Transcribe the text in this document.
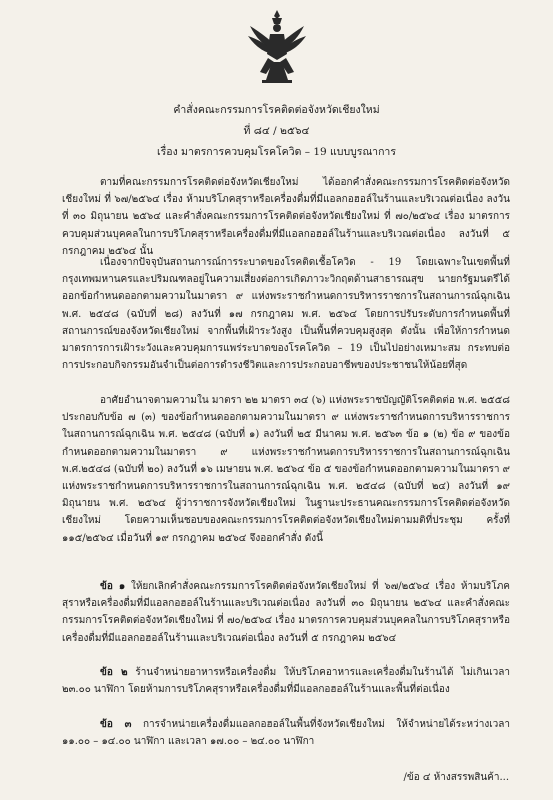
คำสั่งคณะกรรมการโรคติดต่อจังหวัดเชียงใหม่
ที่ ๘๔ / ๒๕๖๔
เรื่อง มาตรการควบคุมโรคโควิด – 19 แบบบูรณาการ

ตามที่คณะกรรมการโรคติดต่อจังหวัดเชียงใหม่ ได้ออกคำสั่งคณะกรรมการโรคติดต่อจังหวัดเชียงใหม่ ที่ ๖๗/๒๕๖๔ เรื่อง ห้ามบริโภคสุราหรือเครื่องดื่มที่มีแอลกอฮอล์ในร้านและบริเวณต่อเนื่อง ลงวันที่ ๓๐ มิถุนายน ๒๕๖๔ และคำสั่งคณะกรรมการโรคติดต่อจังหวัดเชียงใหม่ ที่ ๗๐/๒๕๖๔ เรื่อง มาตรการควบคุมส่วนบุคคลในการบริโภคสุราหรือเครื่องดื่มที่มีแอลกอฮอล์ในร้านและบริเวณต่อเนื่อง ลงวันที่ ๕ กรกฎาคม ๒๕๖๔ นั้น

เนื่องจากปัจจุบันสถานการณ์การระบาดของโรคติดเชื้อโควิด - 19 โดยเฉพาะในเขตพื้นที่กรุงเทพมหานครและปริมณฑลอยู่ในความเสี่ยงต่อการเกิดภาวะวิกฤตด้านสาธารณสุข นายกรัฐมนตรีได้ออกข้อกำหนดออกตามความในมาตรา ๙ แห่งพระราชกำหนดการบริหารราชการในสถานการณ์ฉุกเฉิน พ.ศ. ๒๕๔๘ (ฉบับที่ ๒๘) ลงวันที่ ๑๗ กรกฎาคม พ.ศ. ๒๕๖๔ โดยการปรับระดับการกำหนดพื้นที่สถานการณ์ของจังหวัดเชียงใหม่ จากพื้นที่เฝ้าระวังสูง เป็นพื้นที่ควบคุมสูงสุด ดังนั้น เพื่อให้การกำหนดมาตรการการเฝ้าระวังและควบคุมการแพร่ระบาดของโรคโควิด – 19 เป็นไปอย่างเหมาะสม กระทบต่อการประกอบกิจกรรมอันจำเป็นต่อการดำรงชีวิตและการประกอบอาชีพของประชาชนให้น้อยที่สุด

อาศัยอำนาจตามความใน มาตรา ๒๒ มาตรา ๓๔ (๖) แห่งพระราชบัญญัติโรคติดต่อ พ.ศ. ๒๕๕๘ ประกอบกับข้อ ๗ (๓) ของข้อกำหนดออกตามความในมาตรา ๙ แห่งพระราชกำหนดการบริหารราชการในสถานการณ์ฉุกเฉิน พ.ศ. ๒๕๔๘ (ฉบับที่ ๑) ลงวันที่ ๒๕ มีนาคม พ.ศ. ๒๕๖๓ ข้อ ๑ (๒) ข้อ ๙ ของข้อกำหนดออกตามความในมาตรา ๙ แห่งพระราชกำหนดการบริหารราชการในสถานการณ์ฉุกเฉิน พ.ศ.๒๕๔๘ (ฉบับที่ ๒๐) ลงวันที่ ๑๖ เมษายน พ.ศ. ๒๕๖๔ ข้อ ๕ ของข้อกำหนดออกตามความในมาตรา ๙ แห่งพระราชกำหนดการบริหารราชการในสถานการณ์ฉุกเฉิน พ.ศ. ๒๕๔๘ (ฉบับที่ ๒๔) ลงวันที่ ๑๙ มิถุนายน พ.ศ. ๒๕๖๔ ผู้ว่าราชการจังหวัดเชียงใหม่ ในฐานะประธานคณะกรรมการโรคติดต่อจังหวัดเชียงใหม่ โดยความเห็นชอบของคณะกรรมการโรคติดต่อจังหวัดเชียงใหม่ตามมติที่ประชุม ครั้งที่ ๑๑๕/๒๕๖๔ เมื่อวันที่ ๑๙ กรกฎาคม ๒๕๖๔ จึงออกคำสั่ง ดังนี้

ข้อ ๑ ให้ยกเลิกคำสั่งคณะกรรมการโรคติดต่อจังหวัดเชียงใหม่ ที่ ๖๗/๒๕๖๔ เรื่อง ห้ามบริโภคสุราหรือเครื่องดื่มที่มีแอลกอฮอล์ในร้านและบริเวณต่อเนื่อง ลงวันที่ ๓๐ มิถุนายน ๒๕๖๔ และคำสั่งคณะกรรมการโรคติดต่อจังหวัดเชียงใหม่ ที่ ๗๐/๒๕๖๔ เรื่อง มาตรการควบคุมส่วนบุคคลในการบริโภคสุราหรือเครื่องดื่มที่มีแอลกอฮอล์ในร้านและบริเวณต่อเนื่อง ลงวันที่ ๕ กรกฎาคม ๒๕๖๔

ข้อ ๒ ร้านจำหน่ายอาหารหรือเครื่องดื่ม ให้บริโภคอาหารและเครื่องดื่มในร้านได้ ไม่เกินเวลา ๒๓.๐๐ นาฬิกา โดยห้ามการบริโภคสุราหรือเครื่องดื่มที่มีแอลกอฮอล์ในร้านและพื้นที่ต่อเนื่อง

ข้อ ๓ การจำหน่ายเครื่องดื่มแอลกอฮอล์ในพื้นที่จังหวัดเชียงใหม่ ให้จำหน่ายได้ระหว่างเวลา ๑๑.๐๐ – ๑๔.๐๐ นาฬิกา และเวลา ๑๗.๐๐ – ๒๔.๐๐ นาฬิกา

/ข้อ ๔ ห้างสรรพสินค้า...
